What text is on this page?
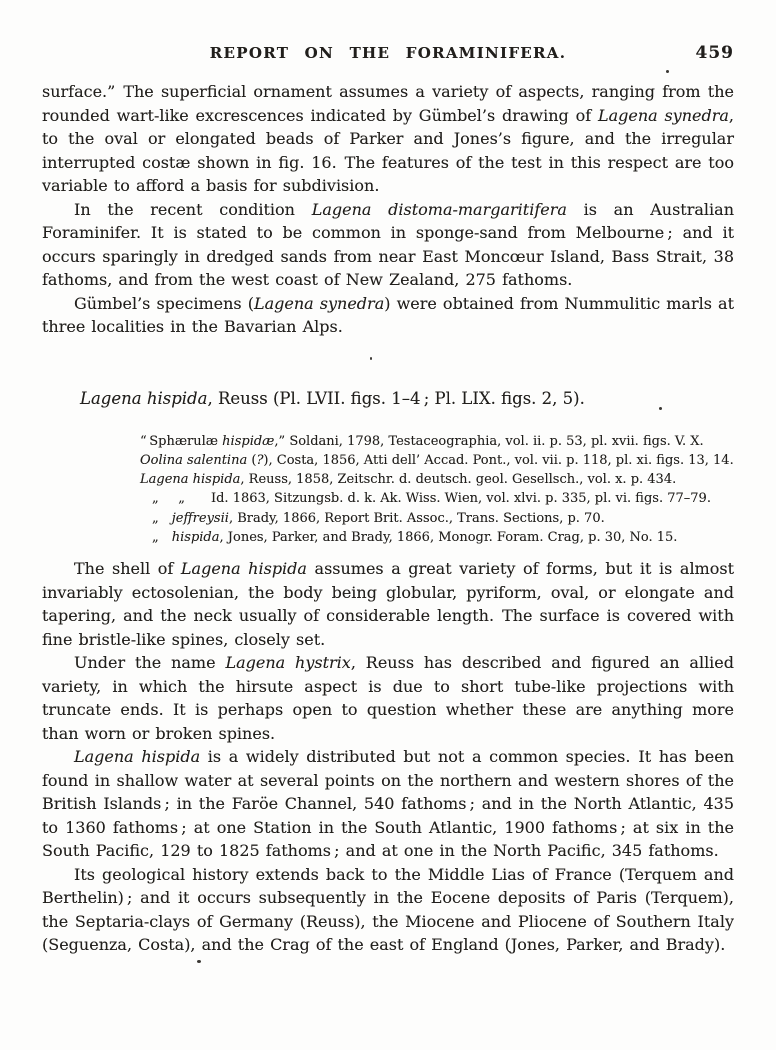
REPORT ON THE FORAMINIFERA.	459

surface.” The superficial ornament assumes a variety of aspects, ranging from the rounded wart-like excrescences indicated by Gümbel’s drawing of Lagena synedra, to the oval or elongated beads of Parker and Jones’s figure, and the irregular interrupted costæ shown in fig. 16. The features of the test in this respect are too variable to afford a basis for subdivision.

In the recent condition Lagena distoma-margaritifera is an Australian Foraminifer. It is stated to be common in sponge-sand from Melbourne ; and it occurs sparingly in dredged sands from near East Moncœur Island, Bass Strait, 38 fathoms, and from the west coast of New Zealand, 275 fathoms.

Gümbel’s specimens (Lagena synedra) were obtained from Nummulitic marls at three localities in the Bavarian Alps.

Lagena hispida, Reuss (Pl. LVII. figs. 1–4 ; Pl. LIX. figs. 2, 5).

“ Sphærulæ hispidæ,” Soldani, 1798, Testaceographia, vol. ii. p. 53, pl. xvii. figs. V. X.
Oolina salentina (?), Costa, 1856, Atti dell’ Accad. Pont., vol. vii. p. 118, pl. xi. figs. 13, 14.
Lagena hispida, Reuss, 1858, Zeitschr. d. deutsch. geol. Gesellsch., vol. x. p. 434.
„  „   Id. 1863, Sitzungsb. d. k. Ak. Wiss. Wien, vol. xlvi. p. 335, pl. vi. figs. 77–79.
„ jeffreysii, Brady, 1866, Report Brit. Assoc., Trans. Sections, p. 70.
„ hispida, Jones, Parker, and Brady, 1866, Monogr. Foram. Crag, p. 30, No. 15.

The shell of Lagena hispida assumes a great variety of forms, but it is almost invariably ectosolenian, the body being globular, pyriform, oval, or elongate and tapering, and the neck usually of considerable length. The surface is covered with fine bristle-like spines, closely set.

Under the name Lagena hystrix, Reuss has described and figured an allied variety, in which the hirsute aspect is due to short tube-like projections with truncate ends. It is perhaps open to question whether these are anything more than worn or broken spines.

Lagena hispida is a widely distributed but not a common species. It has been found in shallow water at several points on the northern and western shores of the British Islands ; in the Faröe Channel, 540 fathoms ; and in the North Atlantic, 435 to 1360 fathoms ; at one Station in the South Atlantic, 1900 fathoms ; at six in the South Pacific, 129 to 1825 fathoms ; and at one in the North Pacific, 345 fathoms.

Its geological history extends back to the Middle Lias of France (Terquem and Berthelin) ; and it occurs subsequently in the Eocene deposits of Paris (Terquem), the Septaria-clays of Germany (Reuss), the Miocene and Pliocene of Southern Italy (Seguenza, Costa), and the Crag of the east of England (Jones, Parker, and Brady).
